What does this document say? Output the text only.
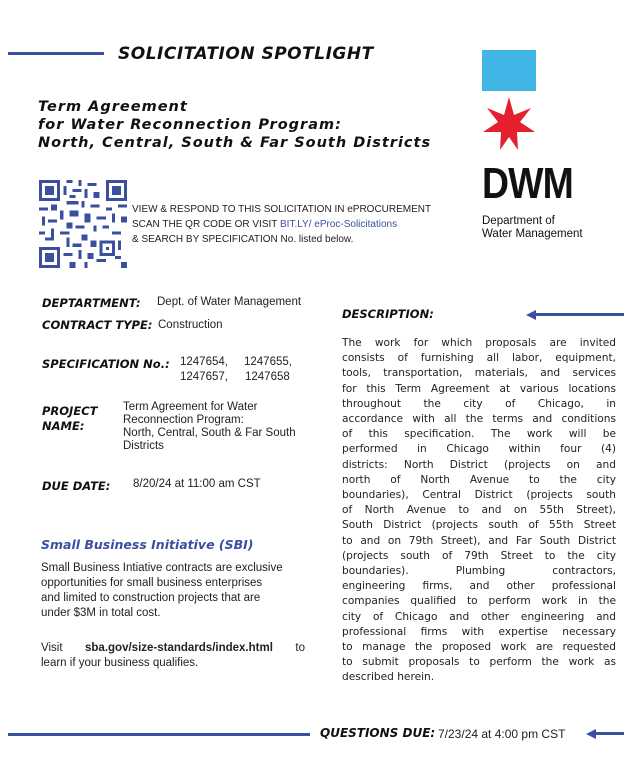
SOLICITATION SPOTLIGHT
Term Agreement
for Water Reconnection Program:
North, Central, South & Far South Districts
DWM
Department of
Water Management
VIEW & RESPOND TO THIS SOLICITATION IN ePROCUREMENT
SCAN THE QR CODE OR VISIT BIT.LY/ eProc-Solicitations
& SEARCH BY SPECIFICATION No. listed below.
DEPTARTMENT: Dept. of Water Management
CONTRACT TYPE: Construction
SPECIFICATION No.: 1247654, 1247655,
1247657, 1247658
PROJECT
NAME:
Term Agreement for Water
Reconnection Program:
North, Central, South & Far South
Districts
DUE DATE: 8/20/24 at 11:00 am CST
Small Business Initiative (SBI)
Small Business Intiative contracts are exclusive
opportunities for small business enterprises
and limited to construction projects that are
under $3M in total cost.
Visit sba.gov/size-standards/index.html to
learn if your business qualifies.
DESCRIPTION:
The work for which proposals are invited
consists of furnishing all labor, equipment,
tools, transportation, materials, and services
for this Term Agreement at various locations
throughout the city of Chicago, in
accordance with all the terms and conditions
of this specification. The work will be
performed in Chicago within four (4)
districts: North District (projects on and
north of North Avenue to the city
boundaries), Central District (projects south
of North Avenue to and on 55th Street),
South District (projects south of 55th Street
to and on 79th Street), and Far South District
(projects south of 79th Street to the city
boundaries). Plumbing contractors,
engineering firms, and other professional
companies qualified to perform work in the
city of Chicago and other engineering and
professional firms with expertise necessary
to manage the proposed work are requested
to submit proposals to perform the work as
described herein.
QUESTIONS DUE: 7/23/24 at 4:00 pm CST
